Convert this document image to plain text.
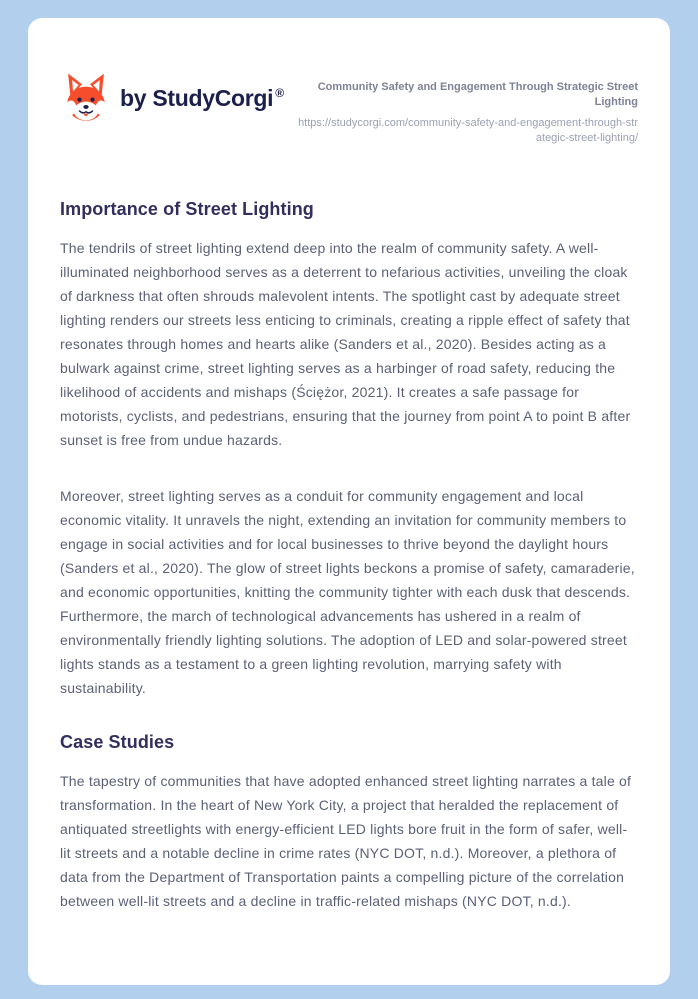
by StudyCorgi ®	Community Safety and Engagement Through Strategic Street Lighting
https://studycorgi.com/community-safety-and-engagement-through-strategic-street-lighting/
Importance of Street Lighting

The tendrils of street lighting extend deep into the realm of community safety. A well-illuminated neighborhood serves as a deterrent to nefarious activities, unveiling the cloak of darkness that often shrouds malevolent intents. The spotlight cast by adequate street lighting renders our streets less enticing to criminals, creating a ripple effect of safety that resonates through homes and hearts alike (Sanders et al., 2020). Besides acting as a bulwark against crime, street lighting serves as a harbinger of road safety, reducing the likelihood of accidents and mishaps (Ściężor, 2021). It creates a safe passage for motorists, cyclists, and pedestrians, ensuring that the journey from point A to point B after sunset is free from undue hazards.

Moreover, street lighting serves as a conduit for community engagement and local economic vitality. It unravels the night, extending an invitation for community members to engage in social activities and for local businesses to thrive beyond the daylight hours (Sanders et al., 2020). The glow of street lights beckons a promise of safety, camaraderie, and economic opportunities, knitting the community tighter with each dusk that descends. Furthermore, the march of technological advancements has ushered in a realm of environmentally friendly lighting solutions. The adoption of LED and solar-powered street lights stands as a testament to a green lighting revolution, marrying safety with sustainability.

Case Studies

The tapestry of communities that have adopted enhanced street lighting narrates a tale of transformation. In the heart of New York City, a project that heralded the replacement of antiquated streetlights with energy-efficient LED lights bore fruit in the form of safer, well-lit streets and a notable decline in crime rates (NYC DOT, n.d.). Moreover, a plethora of data from the Department of Transportation paints a compelling picture of the correlation between well-lit streets and a decline in traffic-related mishaps (NYC DOT, n.d.).
